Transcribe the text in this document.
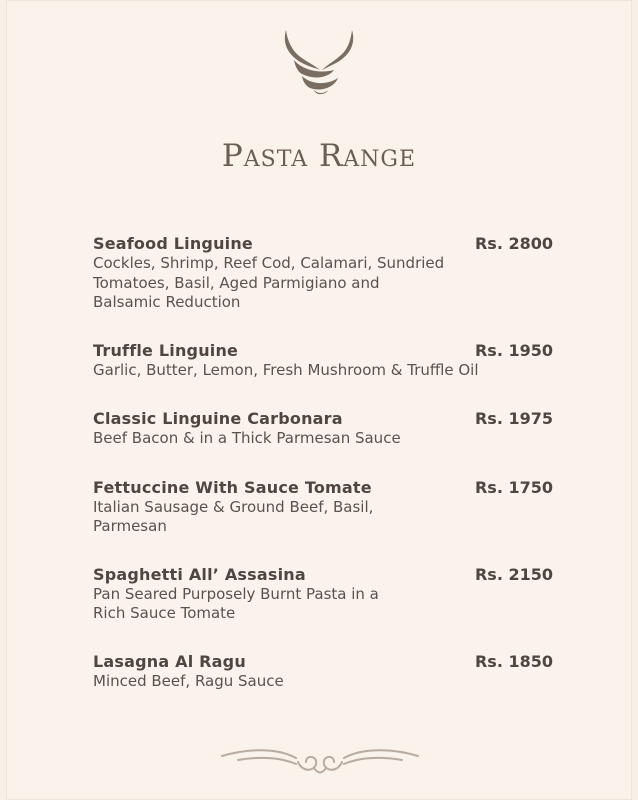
Pasta Range
Seafood Linguine	Rs. 2800
Cockles, Shrimp, Reef Cod, Calamari, Sundried
Tomatoes, Basil, Aged Parmigiano and
Balsamic Reduction
Truffle Linguine	Rs. 1950
Garlic, Butter, Lemon, Fresh Mushroom & Truffle Oil
Classic Linguine Carbonara	Rs. 1975
Beef Bacon & in a Thick Parmesan Sauce
Fettuccine With Sauce Tomate	Rs. 1750
Italian Sausage & Ground Beef, Basil,
Parmesan
Spaghetti All’ Assasina	Rs. 2150
Pan Seared Purposely Burnt Pasta in a
Rich Sauce Tomate
Lasagna Al Ragu	Rs. 1850
Minced Beef, Ragu Sauce
